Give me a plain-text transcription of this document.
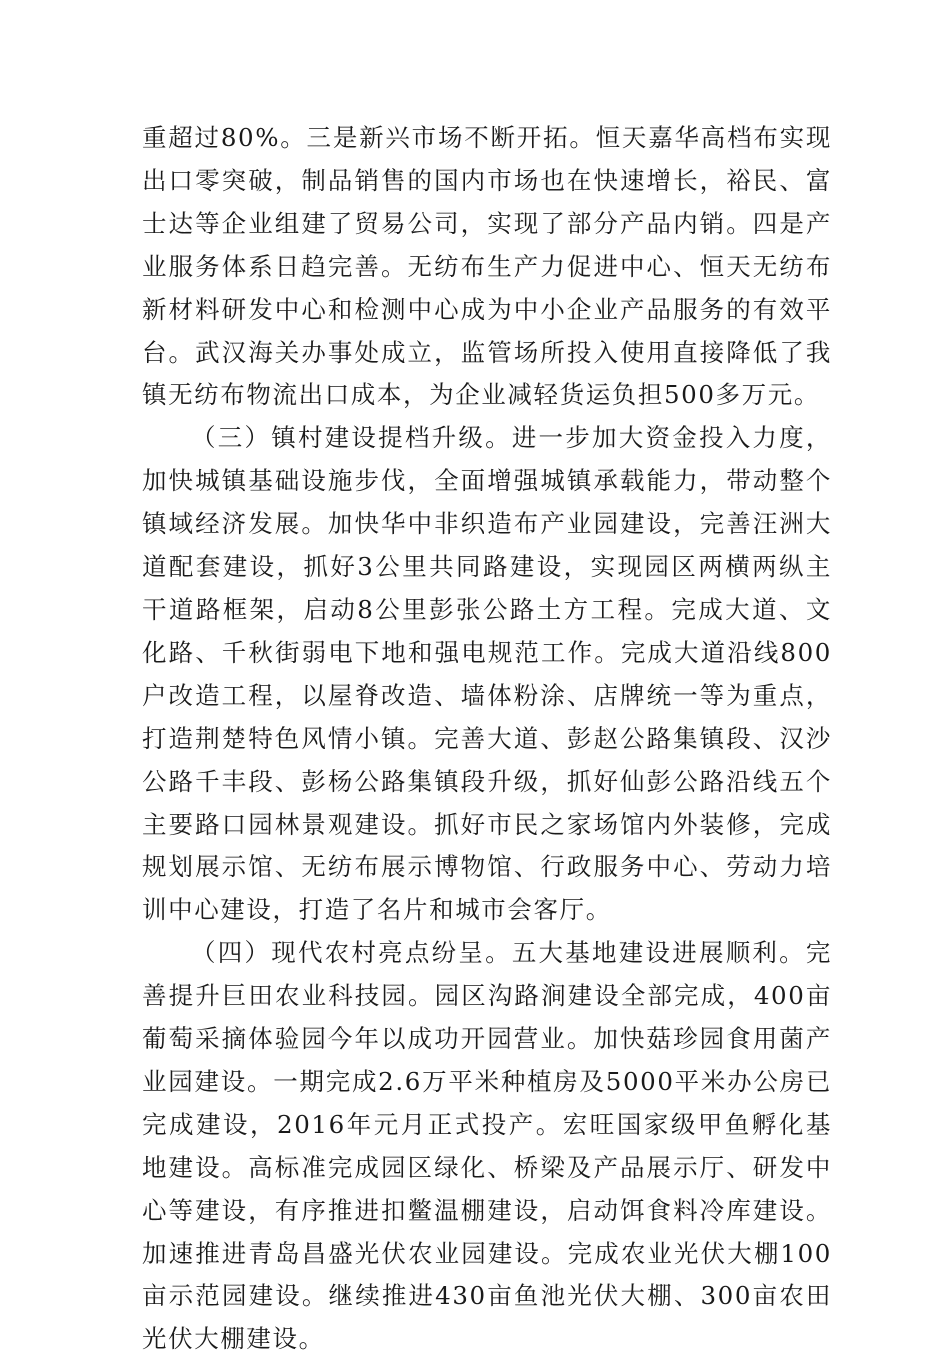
重超过80%。三是新兴市场不断开拓。恒天嘉华高档布实现出口零突破，制品销售的国内市场也在快速增长，裕民、富士达等企业组建了贸易公司，实现了部分产品内销。四是产业服务体系日趋完善。无纺布生产力促进中心、恒天无纺布新材料研发中心和检测中心成为中小企业产品服务的有效平台。武汉海关办事处成立，监管场所投入使用直接降低了我镇无纺布物流出口成本，为企业减轻货运负担500多万元。

（三）镇村建设提档升级。进一步加大资金投入力度，加快城镇基础设施步伐，全面增强城镇承载能力，带动整个镇域经济发展。加快华中非织造布产业园建设，完善汪洲大道配套建设，抓好3公里共同路建设，实现园区两横两纵主干道路框架，启动8公里彭张公路土方工程。完成大道、文化路、千秋街弱电下地和强电规范工作。完成大道沿线800户改造工程，以屋脊改造、墙体粉涂、店牌统一等为重点，打造荆楚特色风情小镇。完善大道、彭赵公路集镇段、汉沙公路千丰段、彭杨公路集镇段升级，抓好仙彭公路沿线五个主要路口园林景观建设。抓好市民之家场馆内外装修，完成规划展示馆、无纺布展示博物馆、行政服务中心、劳动力培训中心建设，打造了名片和城市会客厅。

（四）现代农村亮点纷呈。五大基地建设进展顺利。完善提升巨田农业科技园。园区沟路涧建设全部完成，400亩葡萄采摘体验园今年以成功开园营业。加快菇珍园食用菌产业园建设。一期完成2.6万平米种植房及5000平米办公房已完成建设，2016年元月正式投产。宏旺国家级甲鱼孵化基地建设。高标准完成园区绿化、桥梁及产品展示厅、研发中心等建设，有序推进扣鳖温棚建设，启动饵食料冷库建设。加速推进青岛昌盛光伏农业园建设。完成农业光伏大棚100亩示范园建设。继续推进430亩鱼池光伏大棚、300亩农田光伏大棚建设。
